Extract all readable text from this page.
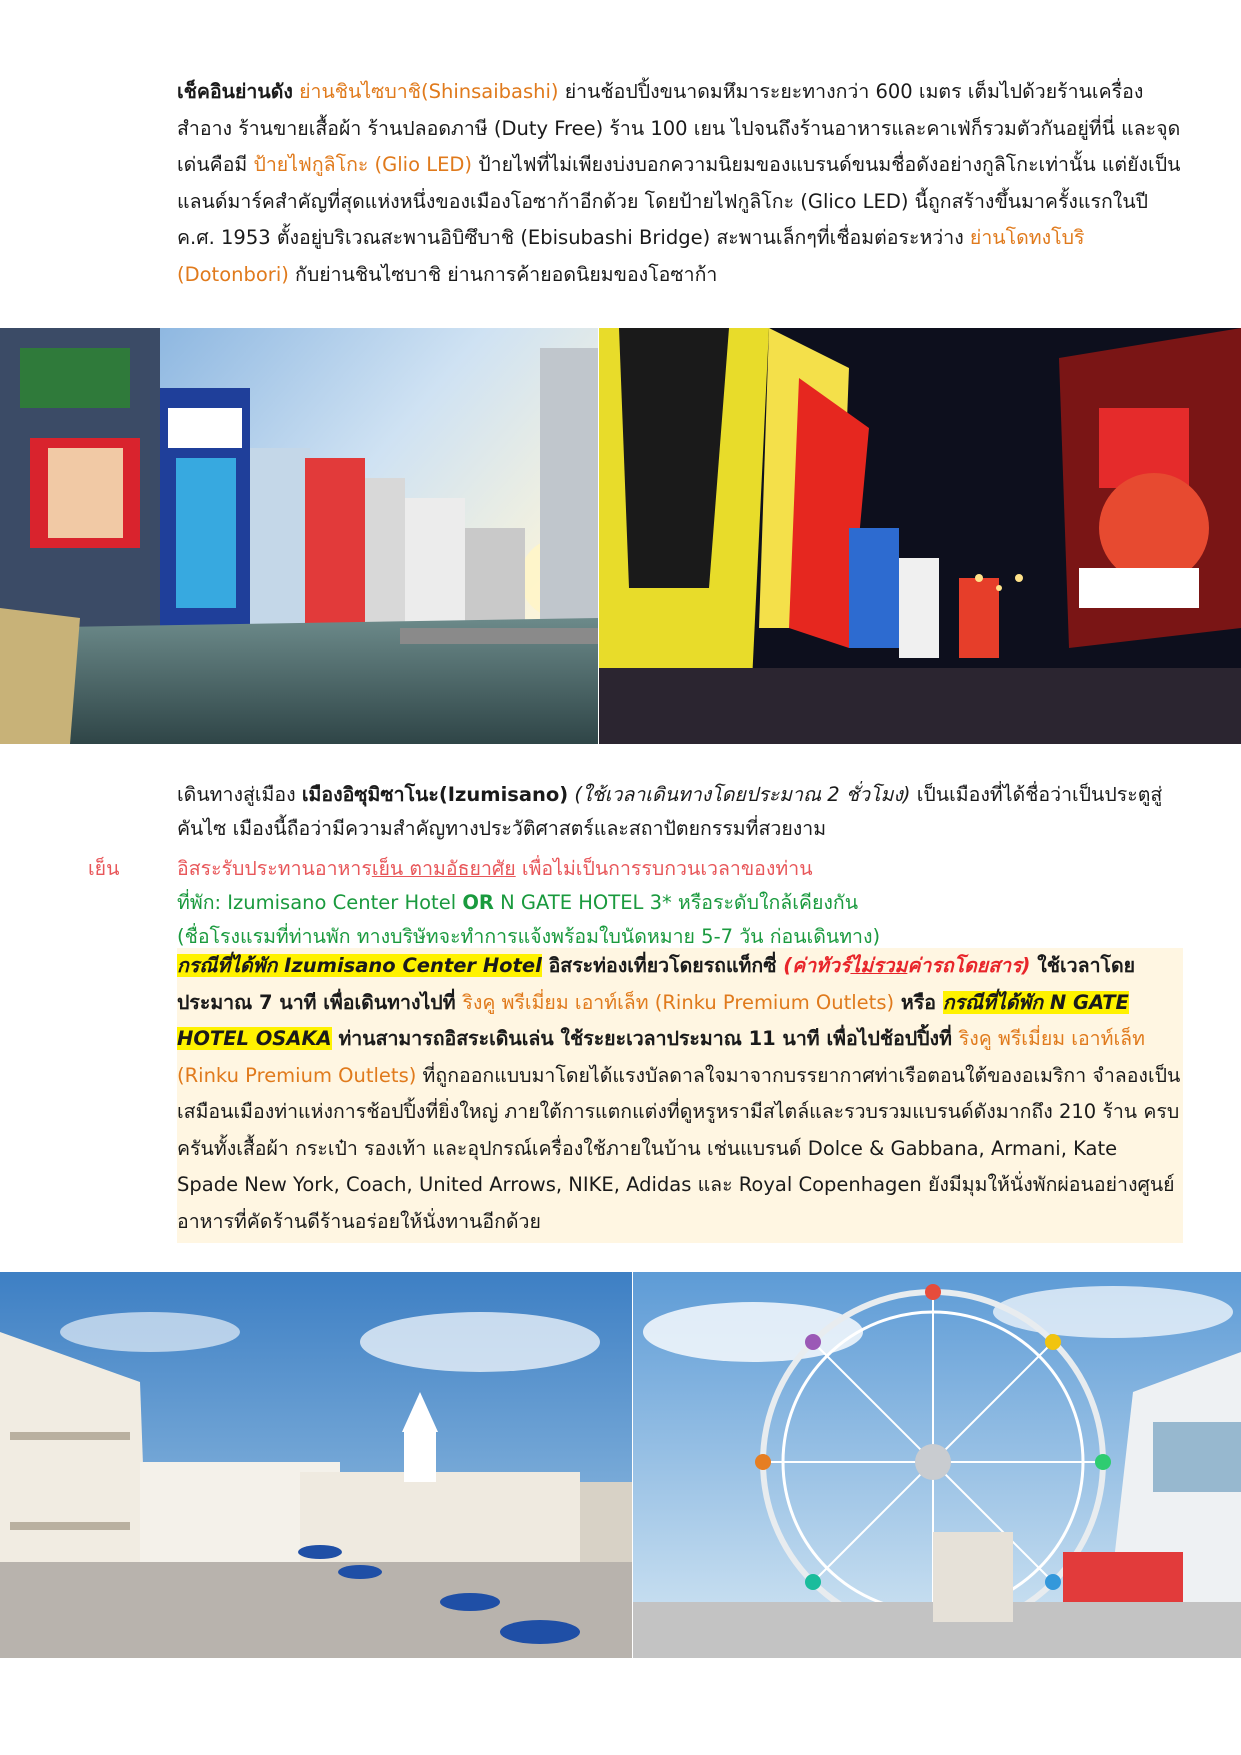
เช็คอินย่านดัง ย่านชินไซบาชิ(Shinsaibashi) ย่านช้อปปิ้งขนาดมหึมาระยะทางกว่า 600 เมตร เต็มไปด้วยร้านเครื่องสำอาง ร้านขายเสื้อผ้า ร้านปลอดภาษี (Duty Free) ร้าน 100 เยน ไปจนถึงร้านอาหารและคาเฟ่ก็รวมตัวกันอยู่ที่นี่ และจุดเด่นคือมี ป้ายไฟกูลิโกะ (Glio LED) ป้ายไฟที่ไม่เพียงบ่งบอกความนิยมของแบรนด์ขนมชื่อดังอย่างกูลิโกะเท่านั้น แต่ยังเป็นแลนด์มาร์คสำคัญที่สุดแห่งหนึ่งของเมืองโอซาก้าอีกด้วย โดยป้ายไฟกูลิโกะ (Glico LED) นี้ถูกสร้างขึ้นมาครั้งแรกในปี ค.ศ. 1953 ตั้งอยู่บริเวณสะพานอิบิซึบาชิ (Ebisubashi Bridge) สะพานเล็กๆที่เชื่อมต่อระหว่าง ย่านโดทงโบริ (Dotonbori) กับย่านชินไซบาชิ ย่านการค้ายอดนิยมของโอซาก้า
เดินทางสู่เมือง เมืองอิซุมิซาโนะ(Izumisano) (ใช้เวลาเดินทางโดยประมาณ 2 ชั่วโมง) เป็นเมืองที่ได้ชื่อว่าเป็นประตูสู่คันไซ เมืองนี้ถือว่ามีความสำคัญทางประวัติศาสตร์และสถาปัตยกรรมที่สวยงาม
เย็น	อิสระรับประทานอาหารเย็น ตามอัธยาศัย เพื่อไม่เป็นการรบกวนเวลาของท่าน
ที่พัก: Izumisano Center Hotel OR N GATE HOTEL 3* หรือระดับใกล้เคียงกัน
(ชื่อโรงแรมที่ท่านพัก ทางบริษัทจะทำการแจ้งพร้อมใบนัดหมาย 5-7 วัน ก่อนเดินทาง)
กรณีที่ได้พัก Izumisano Center Hotel อิสระท่องเที่ยวโดยรถแท็กซี่ (ค่าทัวร์ไม่รวมค่ารถโดยสาร) ใช้เวลาโดยประมาณ 7 นาที เพื่อเดินทางไปที่ ริงคู พรีเมี่ยม เอาท์เล็ท (Rinku Premium Outlets) หรือ กรณีที่ได้พัก N GATE HOTEL OSAKA ท่านสามารถอิสระเดินเล่น ใช้ระยะเวลาประมาณ 11 นาที เพื่อไปช้อปปิ้งที่ ริงคู พรีเมี่ยม เอาท์เล็ท (Rinku Premium Outlets) ที่ถูกออกแบบมาโดยได้แรงบัลดาลใจมาจากบรรยากาศท่าเรือตอนใต้ของอเมริกา จำลองเป็นเสมือนเมืองท่าแห่งการช้อปปิ้งที่ยิ่งใหญ่ ภายใต้การแตกแต่งที่ดูหรูหรามีสไตล์และรวบรวมแบรนด์ดังมากถึง 210 ร้าน ครบครันทั้งเสื้อผ้า กระเป๋า รองเท้า และอุปกรณ์เครื่องใช้ภายในบ้าน เช่นแบรนด์ Dolce & Gabbana, Armani, Kate Spade New York, Coach, United Arrows, NIKE, Adidas และ Royal Copenhagen ยังมีมุมให้นั่งพักผ่อนอย่างศูนย์อาหารที่คัดร้านดีร้านอร่อยให้นั่งทานอีกด้วย
